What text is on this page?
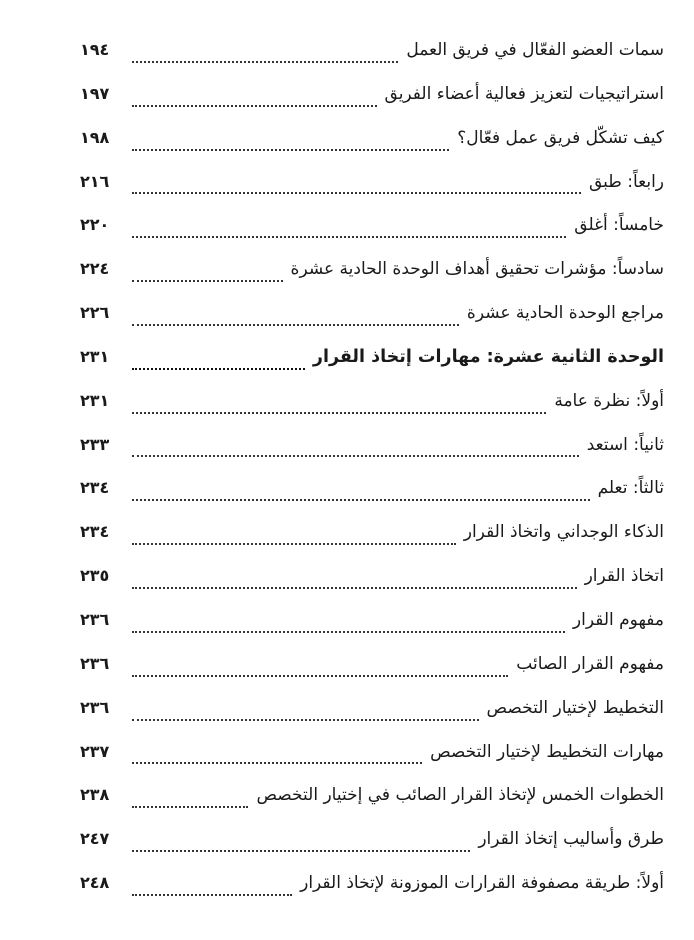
سمات العضو الفعّال في فريق العمل
١٩٤
استراتيجيات لتعزيز فعالية أعضاء الفريق
١٩٧
كيف تشكّل فريق عمل فعّال؟
١٩٨
رابعاً: طبق
٢١٦
خامساً: أغلق
٢٢٠
سادساً: مؤشرات تحقيق أهداف الوحدة الحادية عشرة
٢٢٤
مراجع الوحدة الحادية عشرة
٢٢٦
الوحدة الثانية عشرة: مهارات إتخاذ القرار
٢٣١
أولاً: نظرة عامة
٢٣١
ثانياً: استعد
٢٣٣
ثالثاً: تعلم
٢٣٤
الذكاء الوجداني واتخاذ القرار
٢٣٤
اتخاذ القرار
٢٣٥
مفهوم القرار
٢٣٦
مفهوم القرار الصائب
٢٣٦
التخطيط لإختيار التخصص
٢٣٦
مهارات التخطيط لإختيار التخصص
٢٣٧
الخطوات الخمس لإتخاذ القرار الصائب في إختيار التخصص
٢٣٨
طرق وأساليب إتخاذ القرار
٢٤٧
أولاً: طريقة مصفوفة القرارات الموزونة لإتخاذ القرار
٢٤٨
